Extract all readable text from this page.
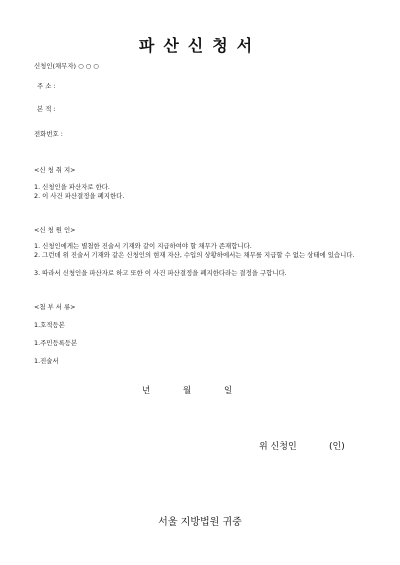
파산신청서
신청인(채무자) ○ ○ ○
주 소 :
본 적 :
전화번호 :
<신 청 취 지>
1. 신청인을 파산자로 한다.
2. 이 사건 파산결정을 폐지한다.
<신 청 원 인>
1. 신청인에게는 별첨한 진술서 기재와 같이 지급하여야 할 채무가 존재합니다.
2. 그런데 위 진술서 기재와 같은 신청인의 현재 자산, 수입의 상황하에서는 채무를 지급할 수 없는 상태에 있습니다.
3. 따라서 신청인을 파산자로 하고 또한 이 사건 파산결정을 폐지한다라는 결정을 구합니다.
<첨 부 서 류>
1.호적등본
1.주민등록등본
1.진술서
년	월	일
위 신청인	(인)
서울 지방법원 귀중
